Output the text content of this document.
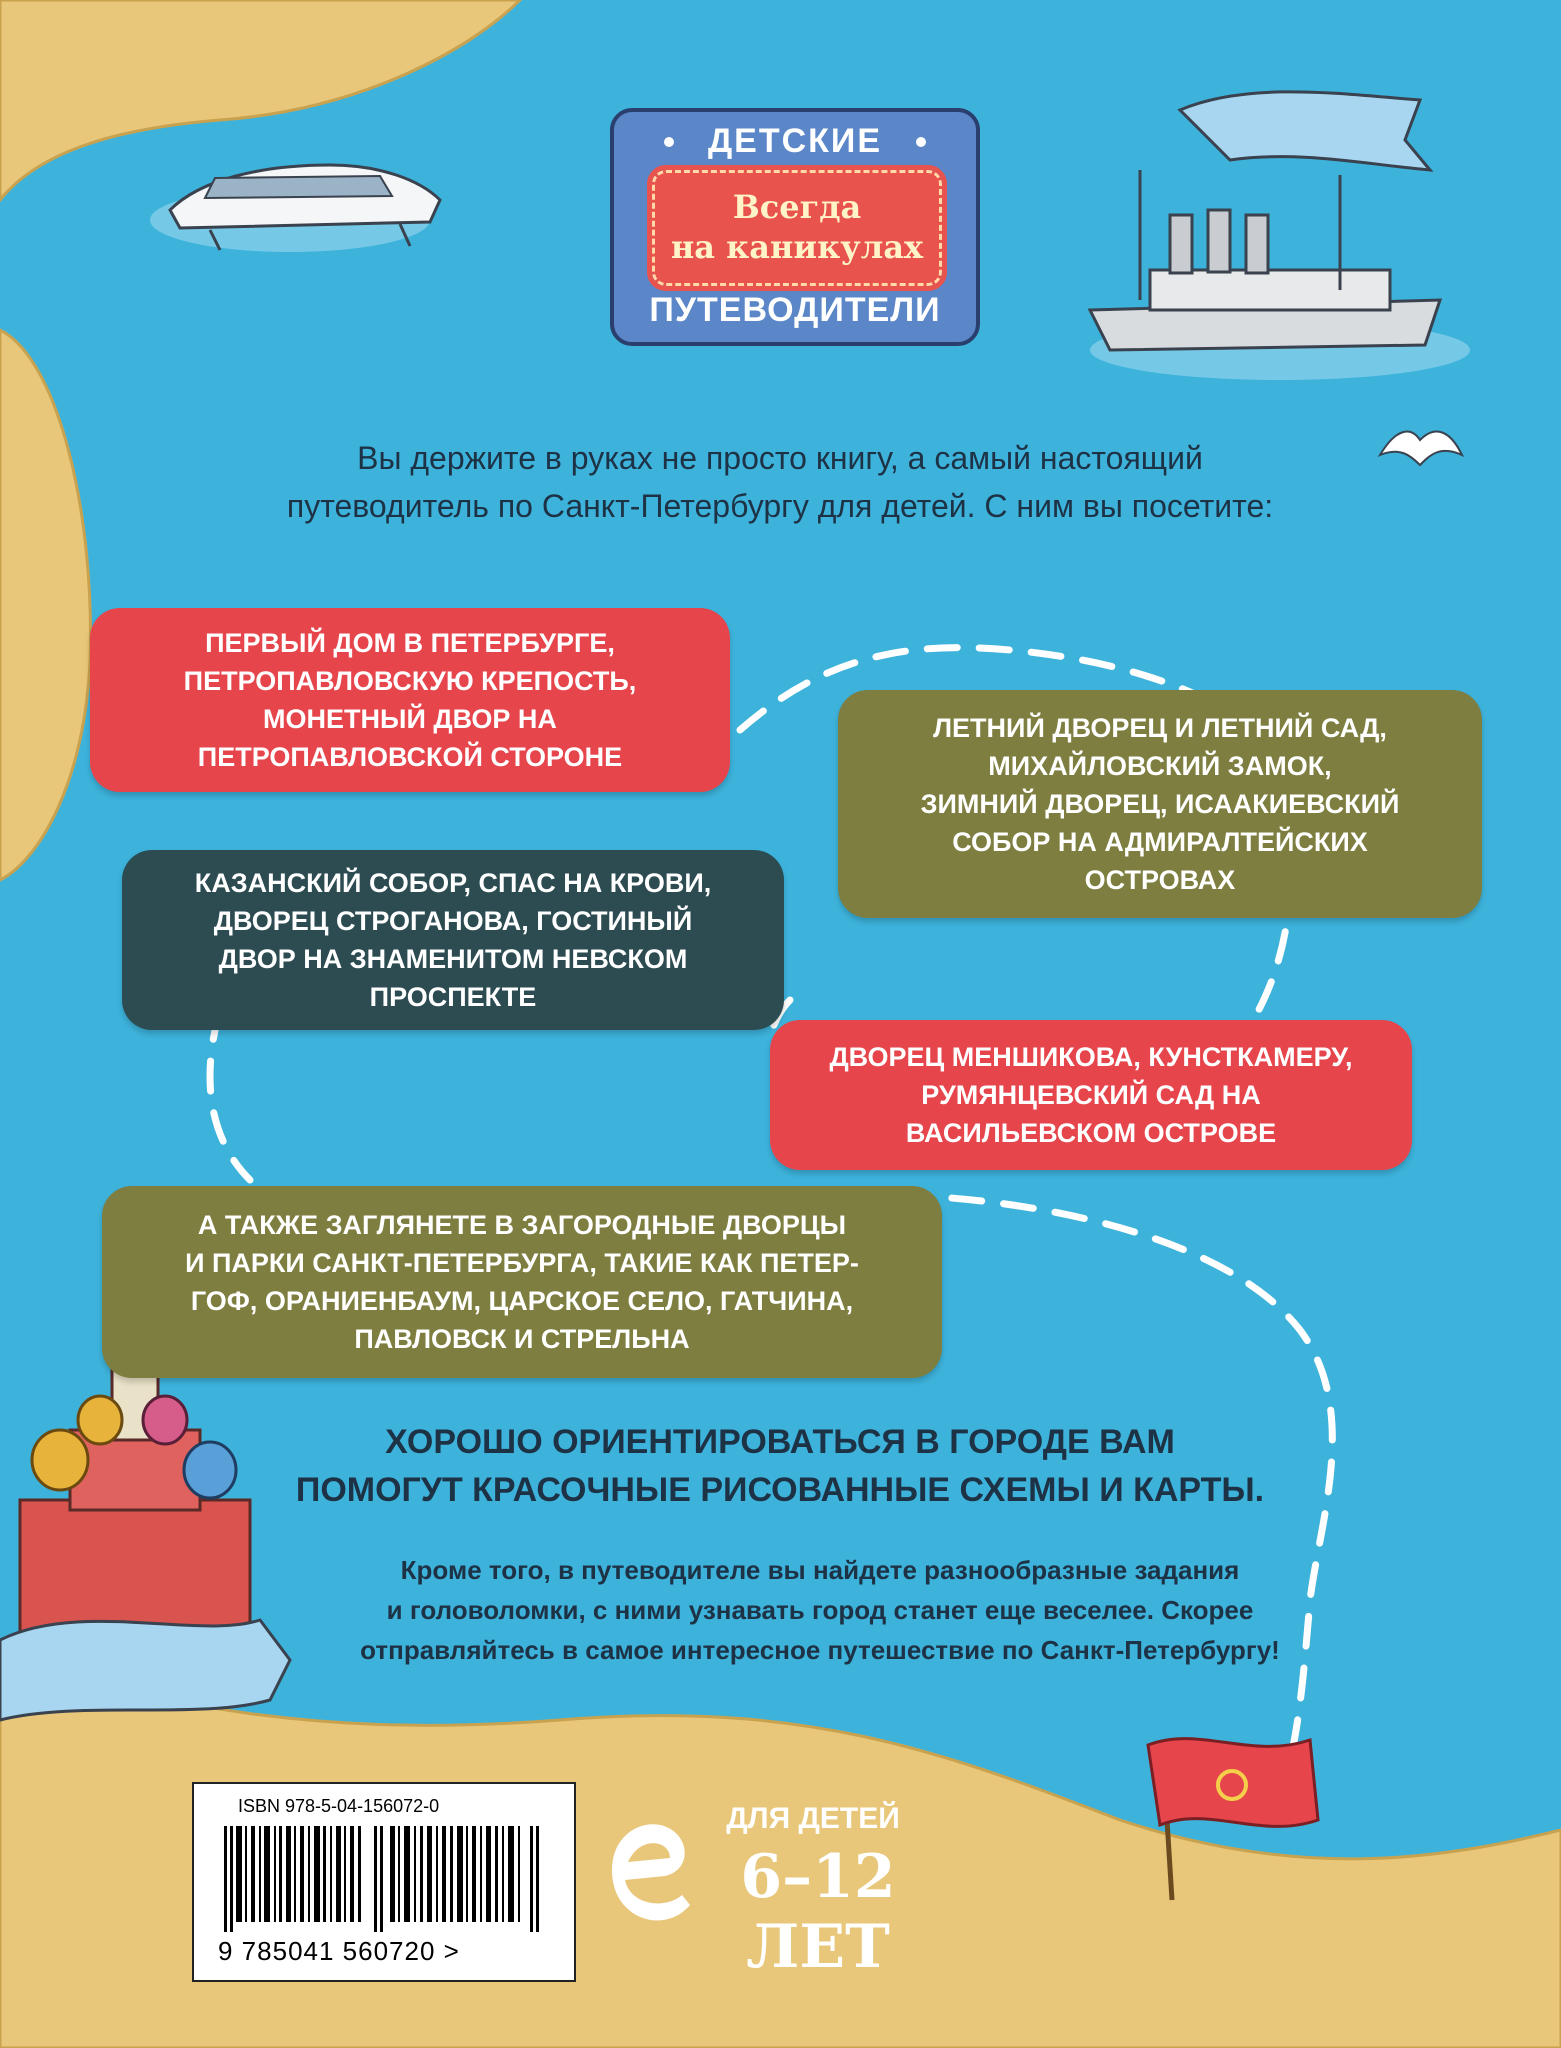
ДЕТСКИЕ
Всегда
на каникулах
ПУТЕВОДИТЕЛИ
Вы держите в руках не просто книгу, а самый настоящий
путеводитель по Санкт-Петербургу для детей. С ним вы посетите:
ПЕРВЫЙ ДОМ В ПЕТЕРБУРГЕ,
ПЕТРОПАВЛОВСКУЮ КРЕПОСТЬ,
МОНЕТНЫЙ ДВОР НА
ПЕТРОПАВЛОВСКОЙ СТОРОНЕ
ЛЕТНИЙ ДВОРЕЦ И ЛЕТНИЙ САД,
МИХАЙЛОВСКИЙ ЗАМОК,
ЗИМНИЙ ДВОРЕЦ, ИСААКИЕВСКИЙ
СОБОР НА АДМИРАЛТЕЙСКИХ
ОСТРОВАХ
КАЗАНСКИЙ СОБОР, СПАС НА КРОВИ,
ДВОРЕЦ СТРОГАНОВА, ГОСТИНЫЙ
ДВОР НА ЗНАМЕНИТОМ НЕВСКОМ
ПРОСПЕКТЕ
ДВОРЕЦ МЕНШИКОВА, КУНСТКАМЕРУ,
РУМЯНЦЕВСКИЙ САД НА
ВАСИЛЬЕВСКОМ ОСТРОВЕ
А ТАКЖЕ ЗАГЛЯНЕТЕ В ЗАГОРОДНЫЕ ДВОРЦЫ
И ПАРКИ САНКТ-ПЕТЕРБУРГА, ТАКИЕ КАК ПЕТЕР-
ГОФ, ОРАНИЕНБАУМ, ЦАРСКОЕ СЕЛО, ГАТЧИНА,
ПАВЛОВСК И СТРЕЛЬНА
ХОРОШО ОРИЕНТИРОВАТЬСЯ В ГОРОДЕ ВАМ
ПОМОГУТ КРАСОЧНЫЕ РИСОВАННЫЕ СХЕМЫ И КАРТЫ.
Кроме того, в путеводителе вы найдете разнообразные задания
и головоломки, с ними узнавать город станет еще веселее. Скорее
отправляйтесь в самое интересное путешествие по Санкт-Петербургу!
ISBN 978-5-04-156072-0
9 785041 560720 >
ДЛЯ ДЕТЕЙ
6–12 ЛЕТ
